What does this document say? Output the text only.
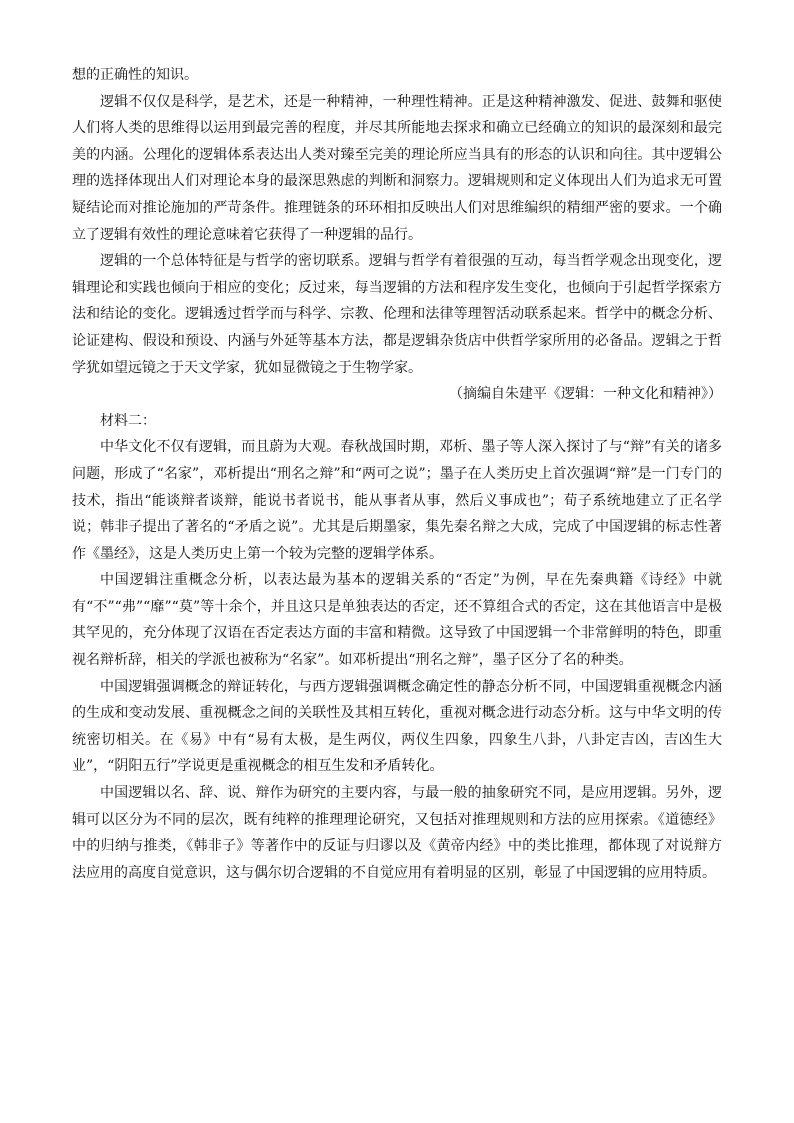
想的正确性的知识。

逻辑不仅仅是科学，是艺术，还是一种精神，一种理性精神。正是这种精神激发、促进、鼓舞和驱使人们将人类的思维得以运用到最完善的程度，并尽其所能地去探求和确立已经确立的知识的最深刻和最完美的内涵。公理化的逻辑体系表达出人类对臻至完美的理论所应当具有的形态的认识和向往。其中逻辑公理的选择体现出人们对理论本身的最深思熟虑的判断和洞察力。逻辑规则和定义体现出人们为追求无可置疑结论而对推论施加的严苛条件。推理链条的环环相扣反映出人们对思维编织的精细严密的要求。一个确立了逻辑有效性的理论意味着它获得了一种逻辑的品行。

逻辑的一个总体特征是与哲学的密切联系。逻辑与哲学有着很强的互动，每当哲学观念出现变化，逻辑理论和实践也倾向于相应的变化；反过来，每当逻辑的方法和程序发生变化，也倾向于引起哲学探索方法和结论的变化。逻辑透过哲学而与科学、宗教、伦理和法律等理智活动联系起来。哲学中的概念分析、论证建构、假设和预设、内涵与外延等基本方法，都是逻辑杂货店中供哲学家所用的必备品。逻辑之于哲学犹如望远镜之于天文学家，犹如显微镜之于生物学家。

（摘编自朱建平《逻辑：一种文化和精神》）

材料二：

中华文化不仅有逻辑，而且蔚为大观。春秋战国时期，邓析、墨子等人深入探讨了与“辩”有关的诸多问题，形成了“名家”，邓析提出“刑名之辩”和“两可之说”；墨子在人类历史上首次强调“辩”是一门专门的技术，指出“能谈辩者谈辩，能说书者说书，能从事者从事，然后义事成也”；荀子系统地建立了正名学说；韩非子提出了著名的“矛盾之说”。尤其是后期墨家，集先秦名辩之大成，完成了中国逻辑的标志性著作《墨经》，这是人类历史上第一个较为完整的逻辑学体系。

中国逻辑注重概念分析，以表达最为基本的逻辑关系的“否定”为例，早在先秦典籍《诗经》中就有“不”“弗”“靡”“莫”等十余个，并且这只是单独表达的否定，还不算组合式的否定，这在其他语言中是极其罕见的，充分体现了汉语在否定表达方面的丰富和精微。这导致了中国逻辑一个非常鲜明的特色，即重视名辩析辞，相关的学派也被称为“名家”。如邓析提出“刑名之辩”，墨子区分了名的种类。

中国逻辑强调概念的辩证转化，与西方逻辑强调概念确定性的静态分析不同，中国逻辑重视概念内涵的生成和变动发展、重视概念之间的关联性及其相互转化，重视对概念进行动态分析。这与中华文明的传统密切相关。在《易》中有“易有太极，是生两仪，两仪生四象，四象生八卦，八卦定吉凶，吉凶生大业”，“阴阳五行”学说更是重视概念的相互生发和矛盾转化。

中国逻辑以名、辞、说、辩作为研究的主要内容，与最一般的抽象研究不同，是应用逻辑。另外，逻辑可以区分为不同的层次，既有纯粹的推理理论研究，又包括对推理规则和方法的应用探索。《道德经》中的归纳与推类，《韩非子》等著作中的反证与归谬以及《黄帝内经》中的类比推理，都体现了对说辩方法应用的高度自觉意识，这与偶尔切合逻辑的不自觉应用有着明显的区别，彰显了中国逻辑的应用特质。
